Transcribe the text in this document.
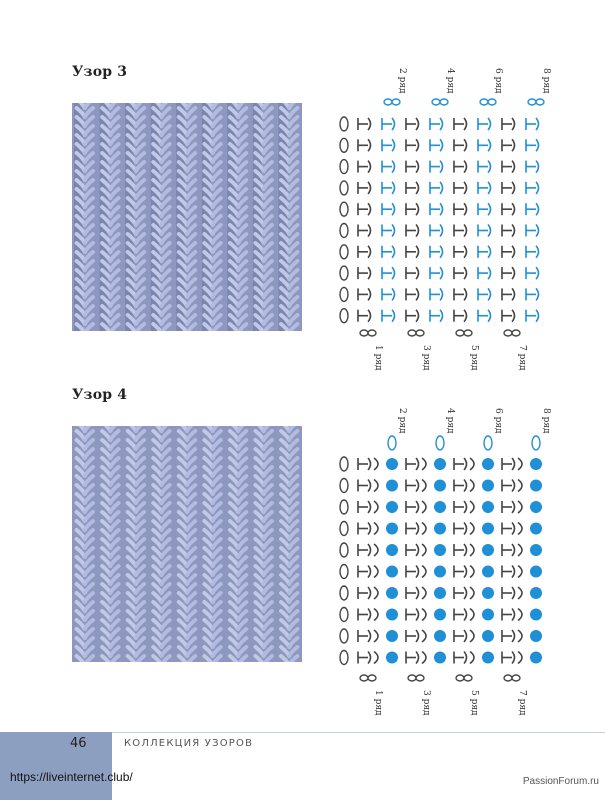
Узор 3	2 ряд	4 ряд	6 ряд	8 ряд
1 ряд	3 ряд	5 ряд	7 ряд
Узор 4
2 ряд	4 ряд	6 ряд	8 ряд
1 ряд	3 ряд	5 ряд	7 ряд
46	КОЛЛЕКЦИЯ УЗОРОВ
https://liveinternet.club/	PassionForum.ru
